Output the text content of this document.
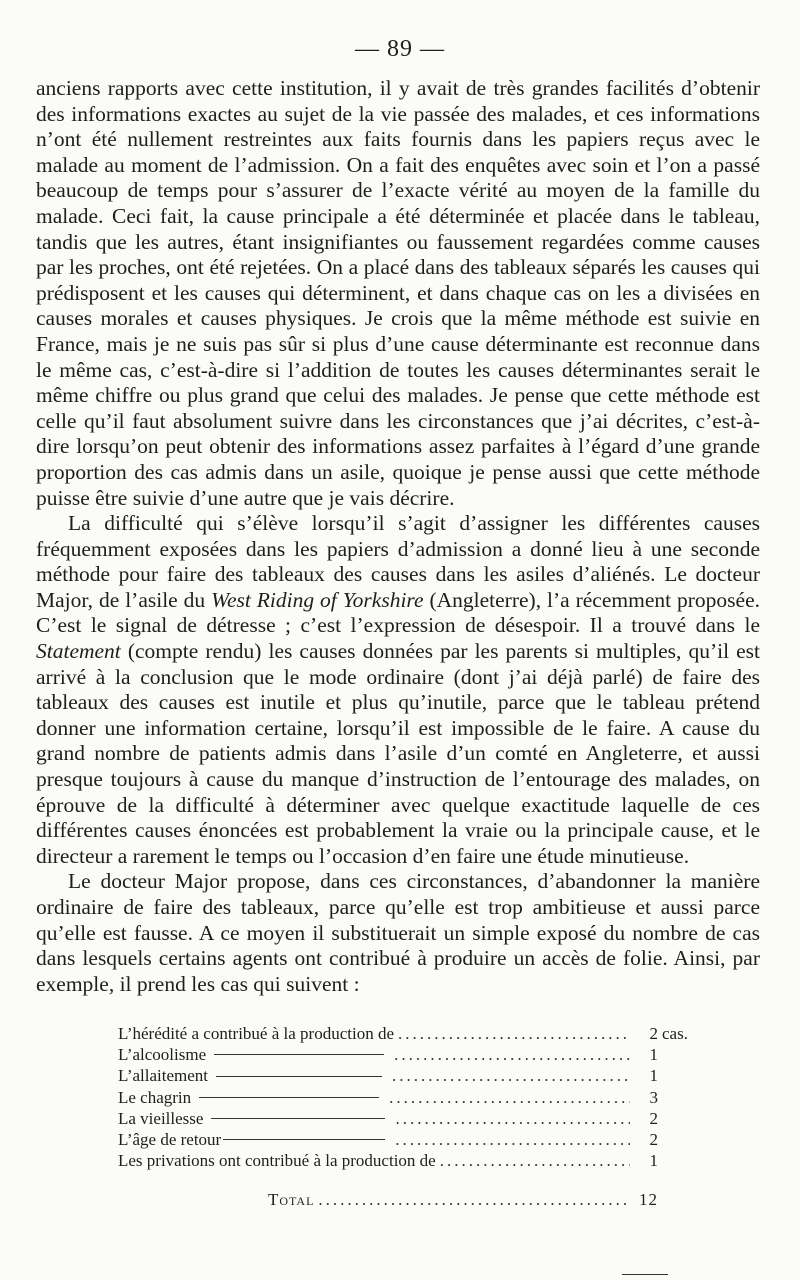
— 89 —

anciens rapports avec cette institution, il y avait de très grandes facilités d’obtenir des informations exactes au sujet de la vie passée des malades, et ces informations n’ont été nullement restreintes aux faits fournis dans les papiers reçus avec le malade au moment de l’admission. On a fait des enquêtes avec soin et l’on a passé beaucoup de temps pour s’assurer de l’exacte vérité au moyen de la famille du malade. Ceci fait, la cause principale a été déterminée et placée dans le tableau, tandis que les autres, étant insignifiantes ou faussement regardées comme causes par les proches, ont été rejetées. On a placé dans des tableaux séparés les causes qui prédisposent et les causes qui déterminent, et dans chaque cas on les a divisées en causes morales et causes physiques. Je crois que la même méthode est suivie en France, mais je ne suis pas sûr si plus d’une cause déterminante est reconnue dans le même cas, c’est-à-dire si l’addition de toutes les causes déterminantes serait le même chiffre ou plus grand que celui des malades. Je pense que cette méthode est celle qu’il faut absolument suivre dans les circonstances que j’ai décrites, c’est-à-dire lorsqu’on peut obtenir des informations assez parfaites à l’égard d’une grande proportion des cas admis dans un asile, quoique je pense aussi que cette méthode puisse être suivie d’une autre que je vais décrire.

La difficulté qui s’élève lorsqu’il s’agit d’assigner les différentes causes fréquemment exposées dans les papiers d’admission a donné lieu à une seconde méthode pour faire des tableaux des causes dans les asiles d’aliénés. Le docteur Major, de l’asile du West Riding of Yorkshire (Angleterre), l’a récemment proposée. C’est le signal de détresse ; c’est l’expression de désespoir. Il a trouvé dans le Statement (compte rendu) les causes données par les parents si multiples, qu’il est arrivé à la conclusion que le mode ordinaire (dont j’ai déjà parlé) de faire des tableaux des causes est inutile et plus qu’inutile, parce que le tableau prétend donner une information certaine, lorsqu’il est impossible de le faire. A cause du grand nombre de patients admis dans l’asile d’un comté en Angleterre, et aussi presque toujours à cause du manque d’instruction de l’entourage des malades, on éprouve de la difficulté à déterminer avec quelque exactitude laquelle de ces différentes causes énoncées est probablement la vraie ou la principale cause, et le directeur a rarement le temps ou l’occasion d’en faire une étude minutieuse.

Le docteur Major propose, dans ces circonstances, d’abandonner la manière ordinaire de faire des tableaux, parce qu’elle est trop ambitieuse et aussi parce qu’elle est fausse. A ce moyen il substituerait un simple exposé du nombre de cas dans lesquels certains agents ont contribué à produire un accès de folie. Ainsi, par exemple, il prend les cas qui suivent :

L’hérédité a contribué à la production de .....	2 cas.
L’alcoolisme .....	1
L’allaitement .....	1
Le chagrin .....	3
La vieillesse .....	2
L’âge de retour .....	2
Les privations ont contribué à la production de .....	1
Total .....	12
